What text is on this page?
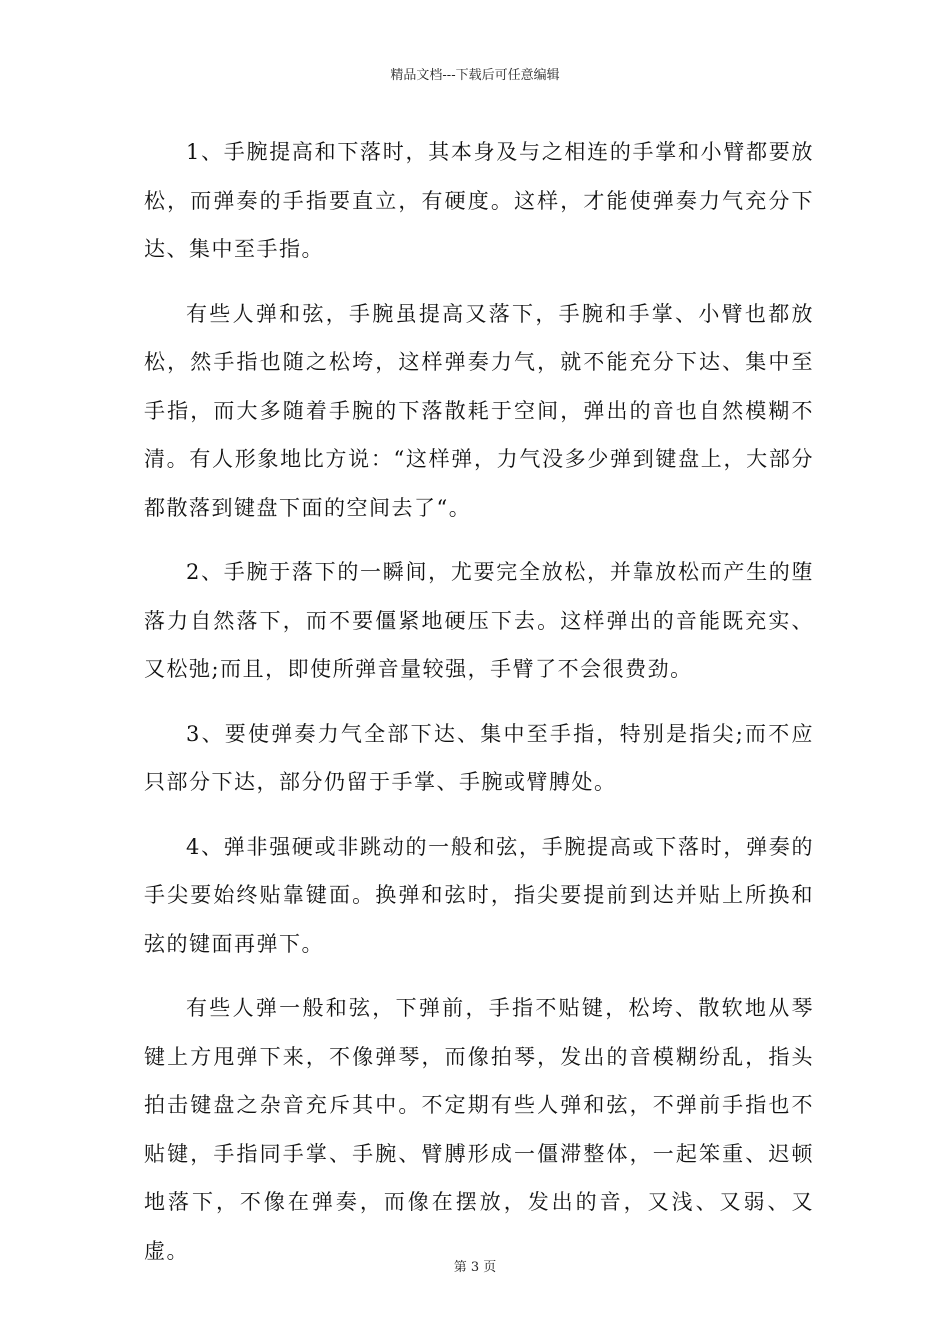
精品文档---下载后可任意编辑

1、手腕提高和下落时，其本身及与之相连的手掌和小臂都要放松，而弹奏的手指要直立，有硬度。这样，才能使弹奏力气充分下达、集中至手指。

有些人弹和弦，手腕虽提高又落下，手腕和手掌、小臂也都放松，然手指也随之松垮，这样弹奏力气，就不能充分下达、集中至手指，而大多随着手腕的下落散耗于空间，弹出的音也自然模糊不清。有人形象地比方说：“这样弹，力气没多少弹到键盘上，大部分都散落到键盘下面的空间去了“。

2、手腕于落下的一瞬间，尤要完全放松，并靠放松而产生的堕落力自然落下，而不要僵紧地硬压下去。这样弹出的音能既充实、又松弛;而且，即使所弹音量较强，手臂了不会很费劲。

3、要使弹奏力气全部下达、集中至手指，特别是指尖;而不应只部分下达，部分仍留于手掌、手腕或臂膊处。

4、弹非强硬或非跳动的一般和弦，手腕提高或下落时，弹奏的手尖要始终贴靠键面。换弹和弦时，指尖要提前到达并贴上所换和弦的键面再弹下。

有些人弹一般和弦，下弹前，手指不贴键，松垮、散软地从琴键上方甩弹下来，不像弹琴，而像拍琴，发出的音模糊纷乱，指头拍击键盘之杂音充斥其中。不定期有些人弹和弦，不弹前手指也不贴键，手指同手掌、手腕、臂膊形成一僵滞整体，一起笨重、迟顿地落下，不像在弹奏，而像在摆放，发出的音，又浅、又弱、又虚。

第 3 页
